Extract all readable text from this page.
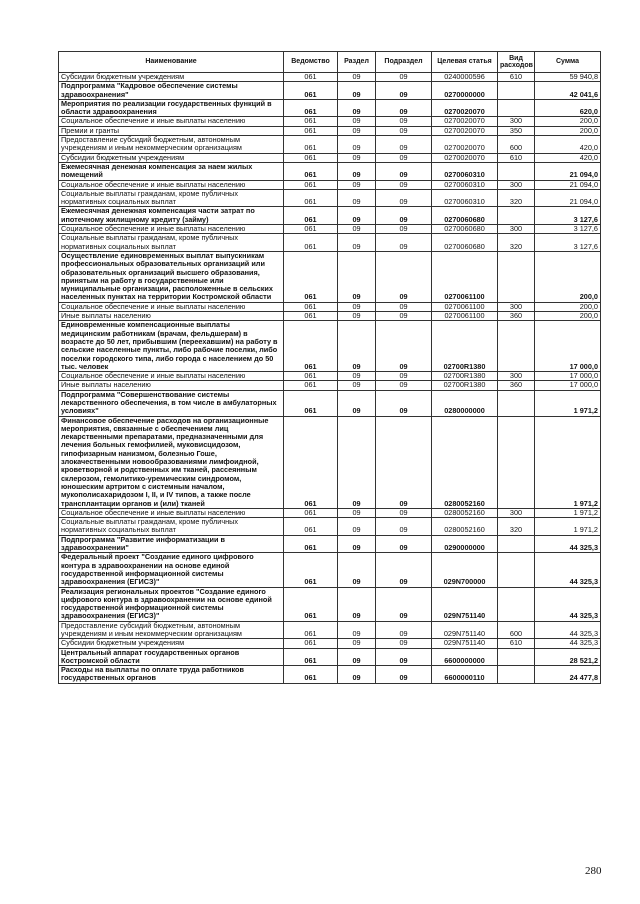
Наименование	Ведомство	Раздел	Подраздел	Целевая статья	Вид расходов	Сумма
Субсидии бюджетным учреждениям	061	09	09	0240000596	610	59 940,8
Подпрограмма "Кадровое обеспечение системы здравоохранения"	061	09	09	0270000000		42 041,6
Мероприятия по реализации государственных функций в области здравоохранения	061	09	09	0270020070		620,0
Социальное обеспечение и иные выплаты населению	061	09	09	0270020070	300	200,0
Премии и гранты	061	09	09	0270020070	350	200,0
Предоставление субсидий бюджетным, автономным учреждениям и иным некоммерческим организациям	061	09	09	0270020070	600	420,0
Субсидии бюджетным учреждениям	061	09	09	0270020070	610	420,0
Ежемесячная денежная компенсация за наем жилых помещений	061	09	09	0270060310		21 094,0
Социальное обеспечение и иные выплаты населению	061	09	09	0270060310	300	21 094,0
Социальные выплаты гражданам, кроме публичных нормативных социальных выплат	061	09	09	0270060310	320	21 094,0
Ежемесячная денежная компенсация части затрат по ипотечному жилищному кредиту (займу)	061	09	09	0270060680		3 127,6
Социальное обеспечение и иные выплаты населению	061	09	09	0270060680	300	3 127,6
Социальные выплаты гражданам, кроме публичных нормативных социальных выплат	061	09	09	0270060680	320	3 127,6
Осуществление единовременных выплат выпускникам профессиональных образовательных организаций или образовательных организаций высшего образования, принятым на работу в государственные или муниципальные организации, расположенные в сельских населенных пунктах на территории Костромской области	061	09	09	0270061100		200,0
Социальное обеспечение и иные выплаты населению	061	09	09	0270061100	300	200,0
Иные выплаты населению	061	09	09	0270061100	360	200,0
Единовременные компенсационные выплаты медицинским работникам (врачам, фельдшерам) в возрасте до 50 лет, прибывшим (переехавшим) на работу в сельские населенные пункты, либо рабочие поселки, либо поселки городского типа, либо города с населением до 50 тыс. человек	061	09	09	02700R1380		17 000,0
Социальное обеспечение и иные выплаты населению	061	09	09	02700R1380	300	17 000,0
Иные выплаты населению	061	09	09	02700R1380	360	17 000,0
Подпрограмма "Совершенствование системы лекарственного обеспечения, в том числе в амбулаторных условиях"	061	09	09	0280000000		1 971,2
Финансовое обеспечение расходов на организационные мероприятия, связанные с обеспечением лиц лекарственными препаратами, предназначенными для лечения больных гемофилией, муковисцидозом, гипофизарным нанизмом, болезнью Гоше, злокачественными новообразованиями лимфоидной, кроветворной и родственных им тканей, рассеянным склерозом, гемолитико-уремическим синдромом, юношеским артритом с системным началом, мукополисахаридозом I, II, и IV типов, а также после трансплантации органов и (или) тканей	061	09	09	0280052160		1 971,2
Социальное обеспечение и иные выплаты населению	061	09	09	0280052160	300	1 971,2
Социальные выплаты гражданам, кроме публичных нормативных социальных выплат	061	09	09	0280052160	320	1 971,2
Подпрограмма "Развитие информатизации в здравоохранении"	061	09	09	0290000000		44 325,3
Федеральный проект "Создание единого цифрового контура в здравоохранении на основе единой государственной информационной системы здравоохранения (ЕГИСЗ)"	061	09	09	029N700000		44 325,3
Реализация региональных проектов "Создание единого цифрового контура в здравоохранении на основе единой государственной информационной системы здравоохранения (ЕГИСЗ)"	061	09	09	029N751140		44 325,3
Предоставление субсидий бюджетным, автономным учреждениям и иным некоммерческим организациям	061	09	09	029N751140	600	44 325,3
Субсидии бюджетным учреждениям	061	09	09	029N751140	610	44 325,3
Центральный аппарат государственных органов Костромской области	061	09	09	6600000000		28 521,2
Расходы на выплаты по оплате труда работников государственных органов	061	09	09	6600000110		24 477,8
280
